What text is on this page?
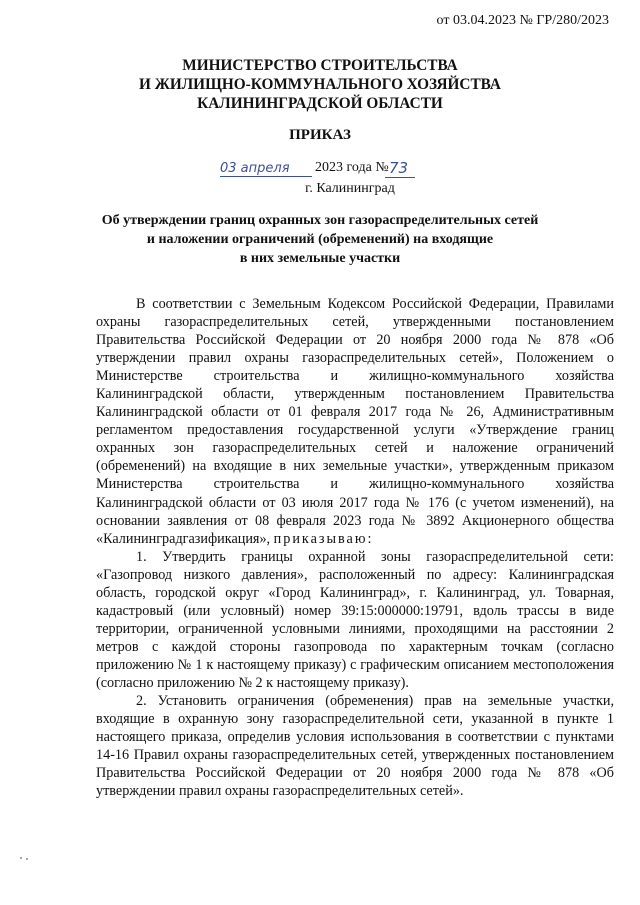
от 03.04.2023 № ГР/280/2023
МИНИСТЕРСТВО СТРОИТЕЛЬСТВА
И ЖИЛИЩНО-КОММУНАЛЬНОГО ХОЗЯЙСТВА
КАЛИНИНГРАДСКОЙ ОБЛАСТИ
ПРИКАЗ
03 апреля 2023 года № 73
г. Калининград
Об утверждении границ охранных зон газораспределительных сетей
и наложении ограничений (обременений) на входящие
в них земельные участки

В соответствии с Земельным Кодексом Российской Федерации, Правилами охраны газораспределительных сетей, утвержденными постановлением Правительства Российской Федерации от 20 ноября 2000 года № 878 «Об утверждении правил охраны газораспределительных сетей», Положением о Министерстве строительства и жилищно-коммунального хозяйства Калининградской области, утвержденным постановлением Правительства Калининградской области от 01 февраля 2017 года № 26, Административным регламентом предоставления государственной услуги «Утверждение границ охранных зон газораспределительных сетей и наложение ограничений (обременений) на входящие в них земельные участки», утвержденным приказом Министерства строительства и жилищно-коммунального хозяйства Калининградской области от 03 июля 2017 года № 176 (с учетом изменений), на основании заявления от 08 февраля 2023 года № 3892 Акционерного общества «Калининградгазификация», приказываю:

1. Утвердить границы охранной зоны газораспределительной сети: «Газопровод низкого давления», расположенный по адресу: Калининградская область, городской округ «Город Калининград», г. Калининград, ул. Товарная, кадастровый (или условный) номер 39:15:000000:19791, вдоль трассы в виде территории, ограниченной условными линиями, проходящими на расстоянии 2 метров с каждой стороны газопровода по характерным точкам (согласно приложению № 1 к настоящему приказу) с графическим описанием местоположения (согласно приложению № 2 к настоящему приказу).

2. Установить ограничения (обременения) прав на земельные участки, входящие в охранную зону газораспределительной сети, указанной в пункте 1 настоящего приказа, определив условия использования в соответствии с пунктами 14-16 Правил охраны газораспределительных сетей, утвержденных постановлением Правительства Российской Федерации от 20 ноября 2000 года № 878 «Об утверждении правил охраны газораспределительных сетей».
